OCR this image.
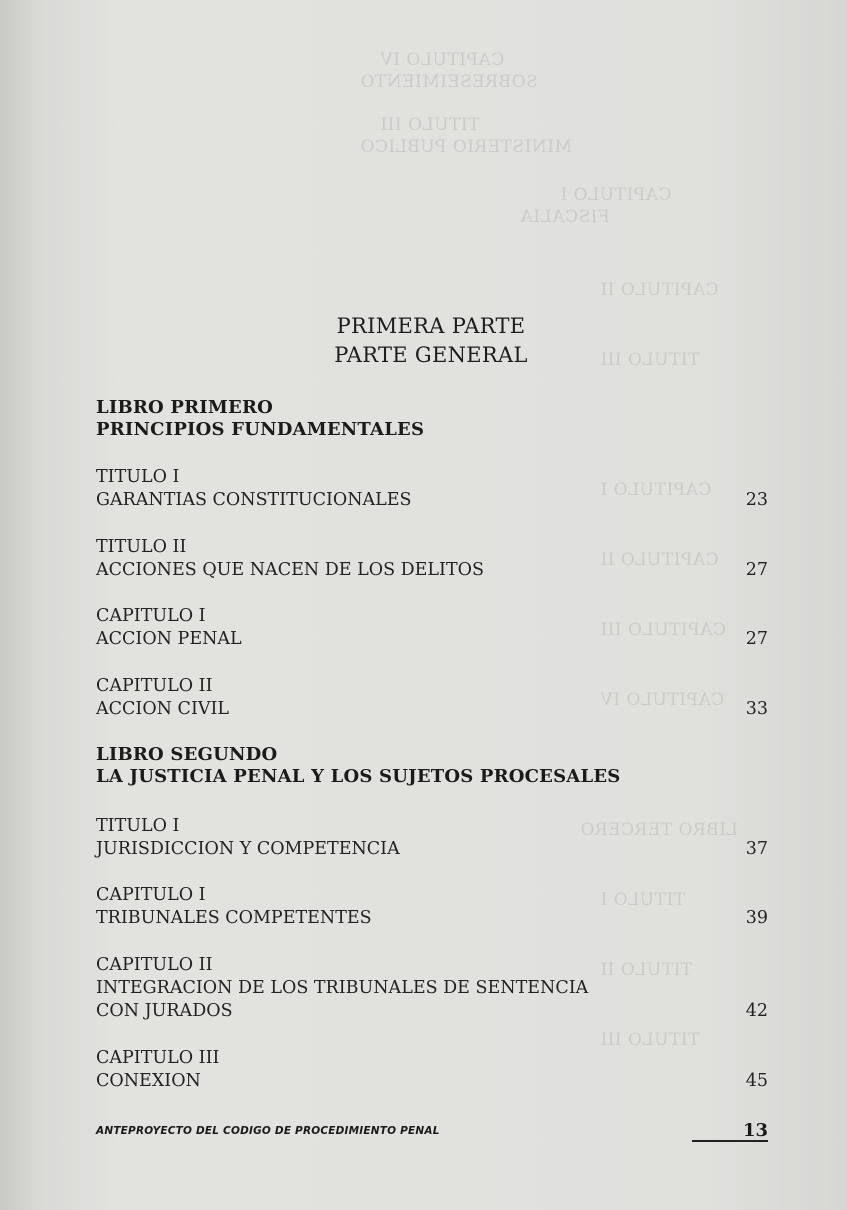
CAPITULO IV
SOBRESEIMIENTO
TITULO III
MINISTERIO PUBLICO
CAPITULO I
FISCALIA
CAPITULO II
TITULO III
CAPITULO I
CAPITULO II
CAPITULO III
CAPITULO IV
LIBRO TERCERO
TITULO I
TITULO II
TITULO III
PRIMERA PARTE
PARTE GENERAL
LIBRO PRIMERO
PRINCIPIOS FUNDAMENTALES
TITULO I
GARANTIAS CONSTITUCIONALES	23
TITULO II
ACCIONES QUE NACEN DE LOS DELITOS	27
CAPITULO I
ACCION PENAL	27
CAPITULO II
ACCION CIVIL	33
LIBRO SEGUNDO
LA JUSTICIA PENAL Y LOS SUJETOS PROCESALES
TITULO I
JURISDICCION Y COMPETENCIA	37
CAPITULO I
TRIBUNALES COMPETENTES	39
CAPITULO II
INTEGRACION DE LOS TRIBUNALES DE SENTENCIA
CON JURADOS	42
CAPITULO III
CONEXION	45
ANTEPROYECTO DEL CODIGO DE PROCEDIMIENTO PENAL	13
